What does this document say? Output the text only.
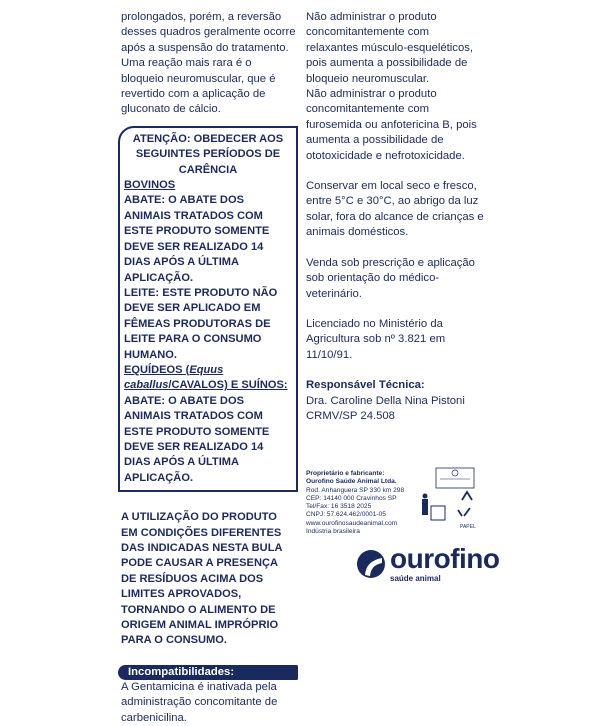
prolongados, porém, a reversão desses quadros geralmente ocorre após a suspensão do tratamento.

Uma reação mais rara é o bloqueio neuromuscular, que é revertido com a aplicação de gluconato de cálcio.

ATENÇÃO: OBEDECER AOS SEGUINTES PERÍODOS DE CARÊNCIA
BOVINOS
ABATE: O ABATE DOS ANIMAIS TRATADOS COM ESTE PRODUTO SOMENTE DEVE SER REALIZADO 14 DIAS APÓS A ÚLTIMA APLICAÇÃO.
LEITE: ESTE PRODUTO NÃO DEVE SER APLICADO EM FÊMEAS PRODUTORAS DE LEITE PARA O CONSUMO HUMANO.
EQUÍDEOS (Equus caballus/CAVALOS) E SUÍNOS:
ABATE: O ABATE DOS ANIMAIS TRATADOS COM ESTE PRODUTO SOMENTE DEVE SER REALIZADO 14 DIAS APÓS A ÚLTIMA APLICAÇÃO.

A UTILIZAÇÃO DO PRODUTO EM CONDIÇÕES DIFERENTES DAS INDICADAS NESTA BULA PODE CAUSAR A PRESENÇA DE RESÍDUOS ACIMA DOS LIMITES APROVADOS, TORNANDO O ALIMENTO DE ORIGEM ANIMAL IMPRÓPRIO PARA O CONSUMO.

Incompatibilidades:

A Gentamicina é inativada pela administração concomitante de carbenicilina.

Não administrar o produto concomitantemente com relaxantes músculo-esqueléticos, pois aumenta a possibilidade de bloqueio neuromuscular.

Não administrar o produto concomitantemente com furosemida ou anfotericina B, pois aumenta a possibilidade de ototoxicidade e nefrotoxicidade.

Conservar em local seco e fresco, entre 5°C e 30°C, ao abrigo da luz solar, fora do alcance de crianças e animais domésticos.

Venda sob prescrição e aplicação sob orientação do médico-veterinário.

Licenciado no Ministério da Agricultura sob nº 3.821 em 11/10/91.

Responsável Técnica:

Dra. Caroline Della Nina Pistoni

CRMV/SP 24.508

Proprietário e fabricante:
Ourofino Saúde Animal Ltda.
Rod. Anhanguera SP 330 km 298
CEP: 14140 000 Cravinhos SP
Tel/Fax: 16 3518 2025
CNPJ: 57.624.462/0001-05
www.ourofinosaudeanimal.com
Indústria brasileira
PAPEL
ourofino
saúde animal
